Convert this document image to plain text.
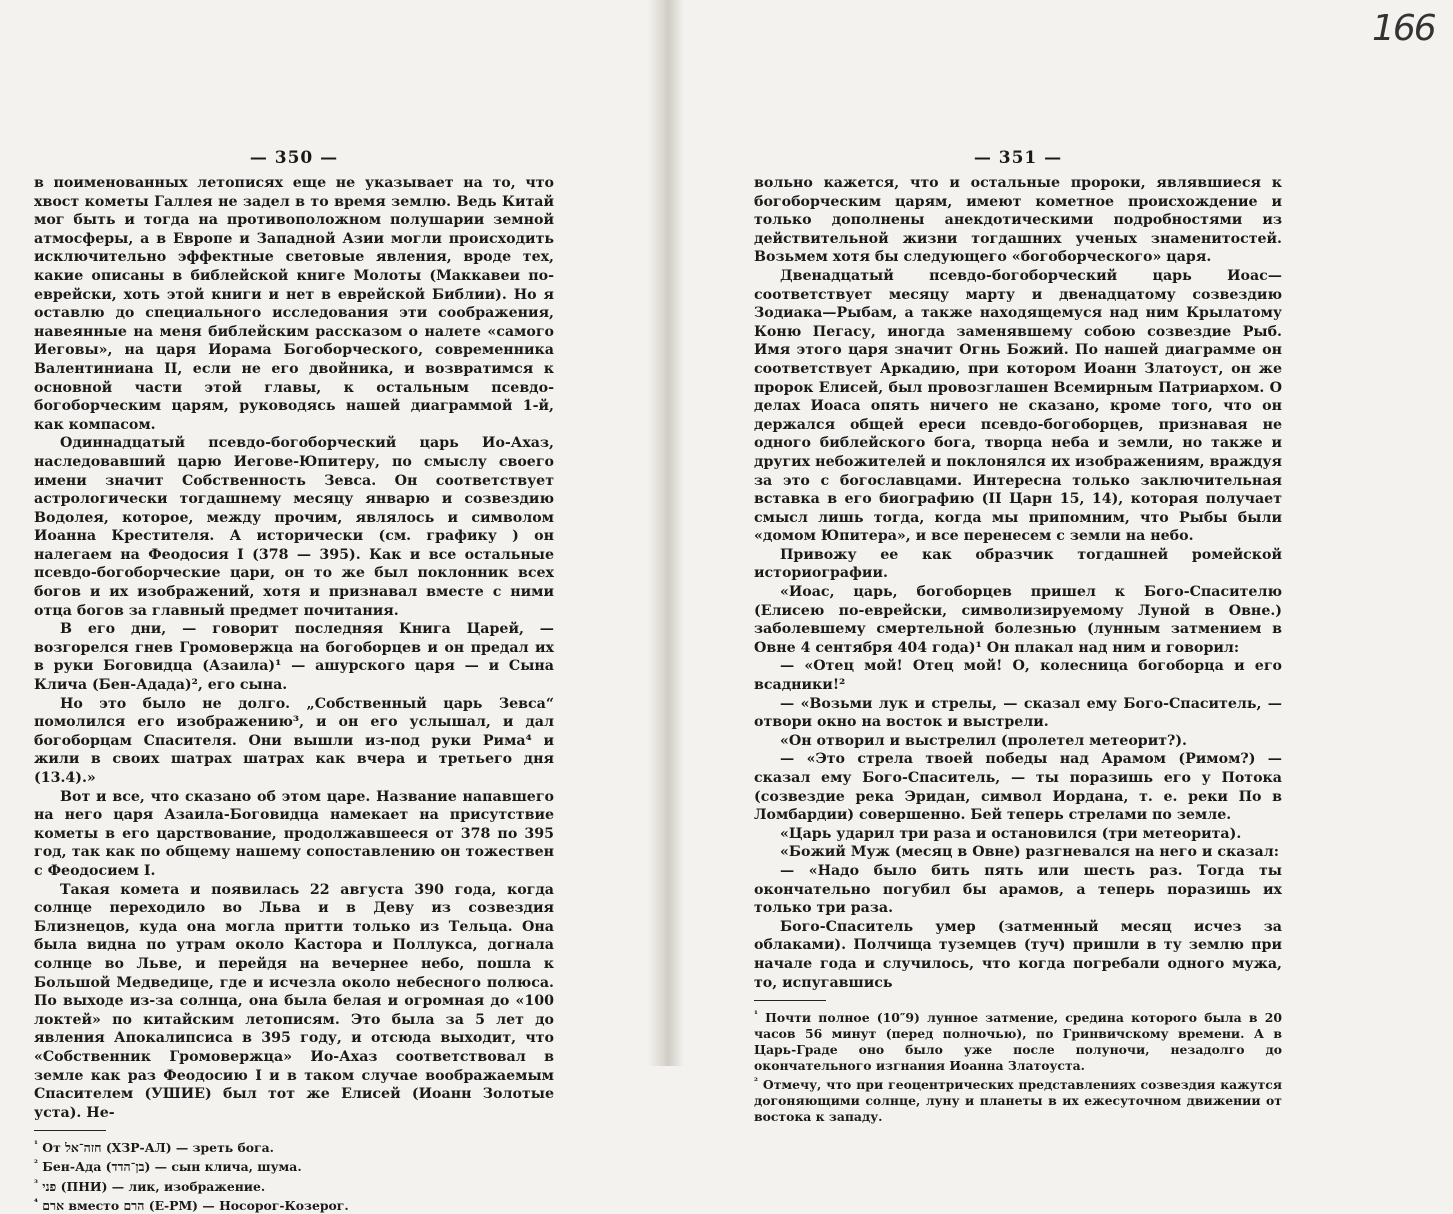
166
— 350 —

в поименованных летописях еще не указывает на то, что хвост кометы Галлея не задел в то время землю. Ведь Китай мог быть и тогда на противоположном полушарии земной атмосферы, а в Европе и Западной Азии могли происходить исключительно эффектные световые явления, вроде тех, какие описаны в библейской книге Молоты (Маккавеи по-еврейски, хоть этой книги и нет в еврейской Библии). Но я оставлю до специального исследования эти соображения, навеянные на меня библейским рассказом о налете «самого Иеговы», на царя Иорама Богоборческого, современника Валентиниана II, если не его двойника, и возвратимся к основной части этой главы, к остальным псевдо-богоборческим царям, руководясь нашей диаграммой 1-й, как компасом.

Одиннадцатый псевдо-богоборческий царь Ио-Ахаз, наследовавший царю Иегове-Юпитеру, по смыслу своего имени значит Собственность Зевса. Он соответствует астрологически тогдашнему месяцу январю и созвездию Водолея, которое, между прочим, являлось и символом Иоанна Крестителя. А исторически (см. графику ) он налегаем на Феодосия I (378 — 395). Как и все остальные псевдо-богоборческие цари, он то же был поклонник всех богов и их изображений, хотя и признавал вместе с ними отца богов за главный предмет почитания.

В его дни, — говорит последняя Книга Царей, — возгорелся гнев Громовержца на богоборцев и он предал их в руки Боговидца (Азаила)¹ — ашурского царя — и Сына Клича (Бен-Адада)², его сына.

Но это было не долго. „Собственный царь Зевса“ помолился его изображению³, и он его услышал, и дал богоборцам Спасителя. Они вышли из-под руки Рима⁴ и жили в своих шатрах шатрах как вчера и третьего дня (13.4).»

Вот и все, что сказано об этом царе. Название напавшего на него царя Азаила-Боговидца намекает на присутствие кометы в его царствование, продолжавшееся от 378 по 395 год, так как по общему нашему сопоставлению он тожествен с Феодосием I.

Такая комета и появилась 22 августа 390 года, когда солнце переходило во Льва и в Деву из созвездия Близнецов, куда она могла притти только из Тельца. Она была видна по утрам около Кастора и Поллукса, догнала солнце во Льве, и перейдя на вечернее небо, пошла к Большой Медведице, где и исчезла около небесного полюса. По выходе из-за солнца, она была белая и огромная до «100 локтей» по китайским летописям. Это была за 5 лет до явления Апокалипсиса в 395 году, и отсюда выходит, что «Собственник Громовержца» Ио-Ахаз соответствовал в земле как раз Феодосию I и в таком случае воображаемым Спасителем (УШИЕ) был тот же Елисей (Иоанн Золотые уста). Не-

$^{^1}$ От חזה־אל (ХЗР-АЛ) — зреть бога.

$^{^2}$ Бен-Ада (בן־הדד) — сын клича, шума.

$^{^3}$ פני (ПНИ) — лик, изображение.

$^{^4}$ ארם вместо הרם (Е-РМ) — Носорог-Козерог.

— 351 —

вольно кажется, что и остальные пророки, являвшиеся к богоборческим царям, имеют кометное происхождение и только дополнены анекдотическими подробностями из действительной жизни тогдашних ученых знаменитостей. Возьмем хотя бы следующего «богоборческого» царя.

Двенадцатый псевдо-богоборческий царь Иоас—соответствует месяцу марту и двенадцатому созвездию Зодиака—Рыбам, а также находящемуся над ним Крылатому Коню Пегасу, иногда заменявшему собою созвездие Рыб. Имя этого царя значит Огнь Божий. По нашей диаграмме он соответствует Аркадию, при котором Иоанн Златоуст, он же пророк Елисей, был провозглашен Всемирным Патриархом. О делах Иоаса опять ничего не сказано, кроме того, что он держался общей ереси псевдо-богоборцев, признавая не одного библейского бога, творца неба и земли, но также и других небожителей и поклонялся их изображениям, враждуя за это с богославцами. Интересна только заключительная вставка в его биографию (II Царн 15, 14), которая получает смысл лишь тогда, когда мы припомним, что Рыбы были «домом Юпитера», и все перенесем с земли на небо.

Привожу ее как образчик тогдашней ромейской историографии.

«Иоас, царь, богоборцев пришел к Бого-Спасителю (Елисею по-еврейски, символизируемому Луной в Овне.) заболевшему смертельной болезнью (лунным затмением в Овне 4 сентября 404 года)¹ Он плакал над ним и говорил:

— «Отец мой! Отец мой! О, колесница богоборца и его всадники!²

— «Возьми лук и стрелы, — сказал ему Бого-Спаситель, — отвори окно на восток и выстрели.

«Он отворил и выстрелил (пролетел метеорит?).

— «Это стрела твоей победы над Арамом (Римом?) — сказал ему Бого-Спаситель, — ты поразишь его у Потока (созвездие река Эридан, символ Иордана, т. е. реки По в Ломбардии) совершенно. Бей теперь стрелами по земле.

«Царь ударил три раза и остановился (три метеорита).

«Божий Муж (месяц в Овне) разгневался на него и сказал:

— «Надо было бить пять или шесть раз. Тогда ты окончательно погубил бы арамов, а теперь поразишь их только три раза.

Бого-Спаситель умер (затменный месяц исчез за облаками). Полчища туземцев (туч) пришли в ту землю при начале года и случилось, что когда погребали одного мужа, то, испугавшись

$^{^1}$ Почти полное (10″9) лунное затмение, средина которого была в 20 часов 56 минут (перед полночью), по Гринвичскому времени. А в Царь-Граде оно было уже после полуночи, незадолго до окончательного изгнания Иоанна Златоуста.

$^{^2}$ Отмечу, что при геоцентрических представлениях созвездия кажутся догоняющими солнце, луну и планеты в их ежесуточном движении от востока к западу.
